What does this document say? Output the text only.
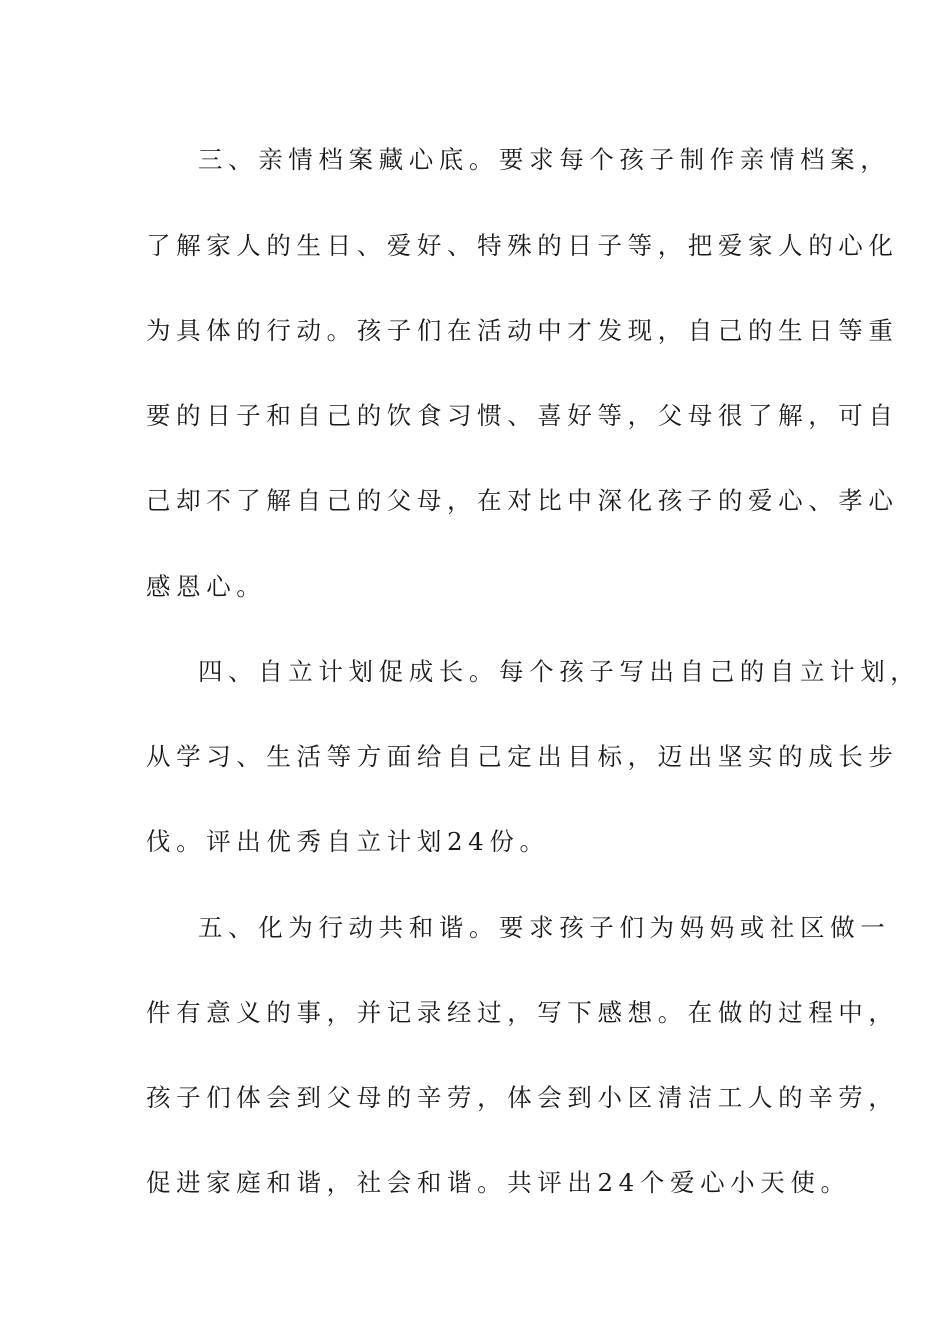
三、亲情档案藏心底。要求每个孩子制作亲情档案，
了解家人的生日、爱好、特殊的日子等，把爱家人的心化
为具体的行动。孩子们在活动中才发现，自己的生日等重
要的日子和自己的饮食习惯、喜好等，父母很了解，可自
己却不了解自己的父母，在对比中深化孩子的爱心、孝心
感恩心。
四、自立计划促成长。每个孩子写出自己的自立计划，
从学习、生活等方面给自己定出目标，迈出坚实的成长步
伐。评出优秀自立计划24份。
五、化为行动共和谐。要求孩子们为妈妈或社区做一
件有意义的事，并记录经过，写下感想。在做的过程中，
孩子们体会到父母的辛劳，体会到小区清洁工人的辛劳，
促进家庭和谐，社会和谐。共评出24个爱心小天使。
